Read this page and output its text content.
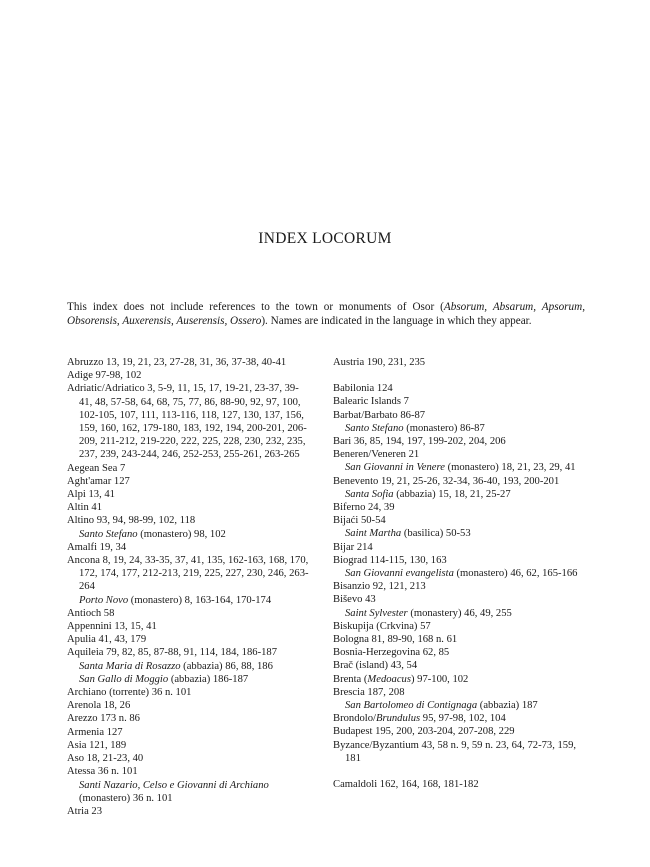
INDEX LOCORUM
This index does not include references to the town or monuments of Osor (Absorum, Absarum, Apsorum, Obsorensis, Auxerensis, Auserensis, Ossero). Names are indicated in the language in which they appear.
Abruzzo 13, 19, 21, 23, 27-28, 31, 36, 37-38, 40-41
Adige 97-98, 102
Adriatic/Adriatico 3, 5-9, 11, 15, 17, 19-21, 23-37, 39-41, 48, 57-58, 64, 68, 75, 77, 86, 88-90, 92, 97, 100, 102-105, 107, 111, 113-116, 118, 127, 130, 137, 156, 159, 160, 162, 179-180, 183, 192, 194, 200-201, 206-209, 211-212, 219-220, 222, 225, 228, 230, 232, 235, 237, 239, 243-244, 246, 252-253, 255-261, 263-265
Aegean Sea 7
Aght'amar 127
Alpi 13, 41
Altin 41
Altino 93, 94, 98-99, 102, 118
Santo Stefano (monastero) 98, 102
Amalfi 19, 34
Ancona 8, 19, 24, 33-35, 37, 41, 135, 162-163, 168, 170, 172, 174, 177, 212-213, 219, 225, 227, 230, 246, 263-264
Porto Novo (monastero) 8, 163-164, 170-174
Antioch 58
Appennini 13, 15, 41
Apulia 41, 43, 179
Aquileia 79, 82, 85, 87-88, 91, 114, 184, 186-187
Santa Maria di Rosazzo (abbazia) 86, 88, 186
San Gallo di Moggio (abbazia) 186-187
Archiano (torrente) 36 n. 101
Arenola 18, 26
Arezzo 173 n. 86
Armenia 127
Asia 121, 189
Aso 18, 21-23, 40
Atessa 36 n. 101
Santi Nazario, Celso e Giovanni di Archiano (monastero) 36 n. 101
Atria 23
Austria 190, 231, 235
Babilonia 124
Balearic Islands 7
Barbat/Barbato 86-87
Santo Stefano (monastero) 86-87
Bari 36, 85, 194, 197, 199-202, 204, 206
Beneren/Veneren 21
San Giovanni in Venere (monastero) 18, 21, 23, 29, 41
Benevento 19, 21, 25-26, 32-34, 36-40, 193, 200-201
Santa Sofia (abbazia) 15, 18, 21, 25-27
Biferno 24, 39
Bijaći 50-54
Saint Martha (basilica) 50-53
Bijar 214
Biograd 114-115, 130, 163
San Giovanni evangelista (monastero) 46, 62, 165-166
Bisanzio 92, 121, 213
Biševo 43
Saint Sylvester (monastery) 46, 49, 255
Biskupija (Crkvina) 57
Bologna 81, 89-90, 168 n. 61
Bosnia-Herzegovina 62, 85
Brač (island) 43, 54
Brenta (Medoacus) 97-100, 102
Brescia 187, 208
San Bartolomeo di Contignaga (abbazia) 187
Brondolo/Brundulus 95, 97-98, 102, 104
Budapest 195, 200, 203-204, 207-208, 229
Byzance/Byzantium 43, 58 n. 9, 59 n. 23, 64, 72-73, 159, 181
Camaldoli 162, 164, 168, 181-182
